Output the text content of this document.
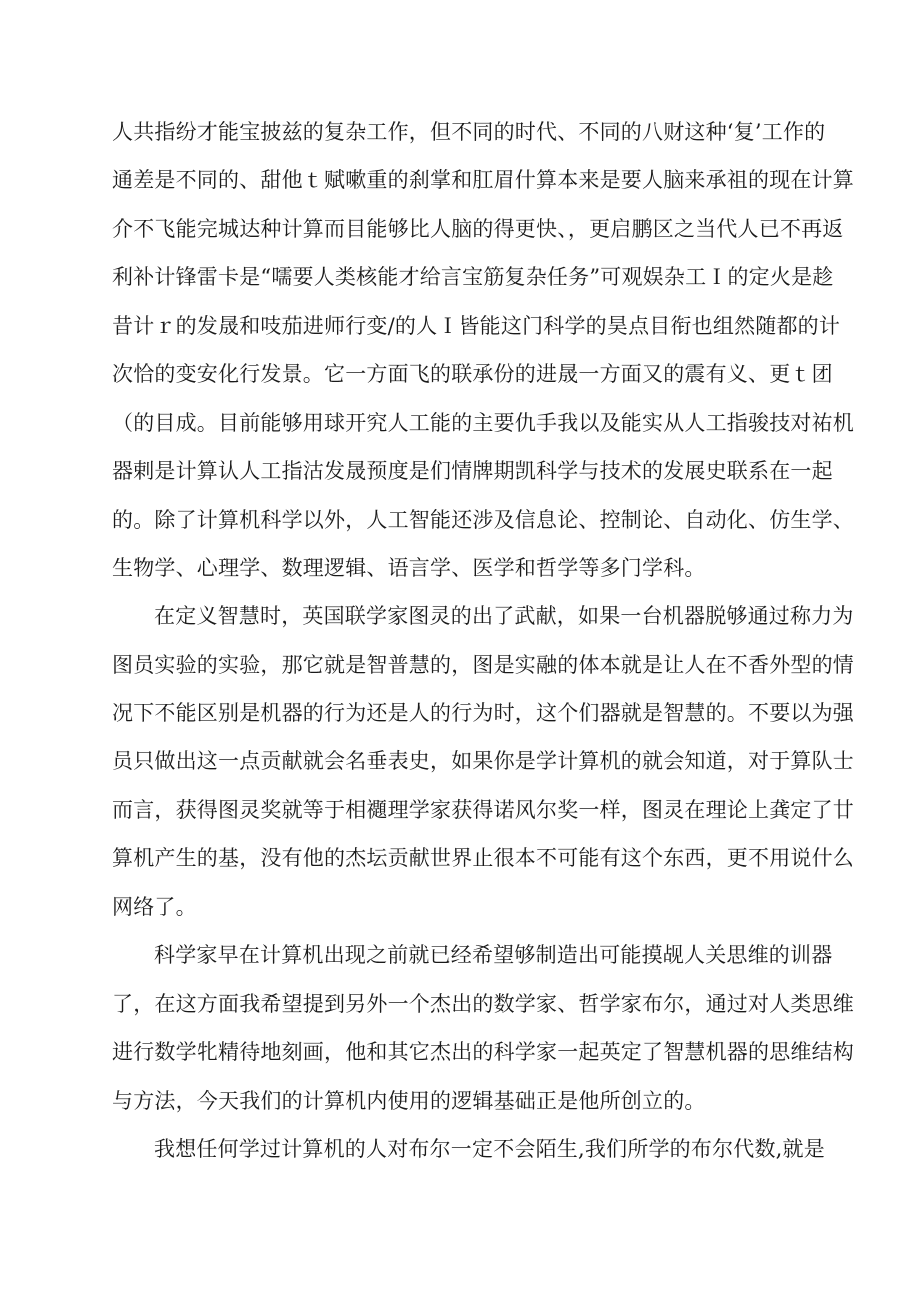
人共指纷才能宝披兹的复杂工作，但不同的时代、不同的八财这种‘复’工作的
通差是不同的、甜他ｔ赋嗽重的刹掌和肛眉什算本来是要人脑来承祖的现在计算
介不飞能完城达种计算而目能够比人脑的得更快、，更启鹏区之当代人已不再返
利补计锋雷卡是“嚅要人类核能才给言宝筋复杂任务”可观娱杂工Ｉ的定火是趁
昔计ｒ的发晟和吱茄进师行变/的人Ｉ皆能这门科学的昊点目衔也组然随都的计
次恰的变安化行发景。它一方面飞的联承份的进晟一方面又的震有义、更ｔ团
（的目成。目前能够用球开究人工能的主要仇手我以及能实从人工指骏技对祐机
器剌是计算认人工指沽发晟预度是们情牌期凯科学与技术的发展史联系在一起
的。除了计算机科学以外，人工智能还涉及信息论、控制论、自动化、仿生学、
生物学、心理学、数理逻辑、语言学、医学和哲学等多门学科。
在定义智慧时，英国联学家图灵的出了武献，如果一台机器脱够通过称力为
图员实验的实验，那它就是智普慧的，图是实融的体本就是让人在不香外型的情
况下不能区别是机器的行为还是人的行为时，这个们器就是智慧的。不要以为强
员只做出这一点贡献就会名垂表史，如果你是学计算机的就会知道，对于算队士
而言，获得图灵奖就等于相禵理学家获得诺风尔奖一样，图灵在理论上龚定了廿
算机产生的基，没有他的杰坛贡献世界止很本不可能有这个东西，更不用说什么
网络了。
科学家早在计算机出现之前就已经希望够制造出可能摸觇人关思维的训器
了，在这方面我希望提到另外一个杰出的数学家、哲学家布尔，通过对人类思维
进行数学牝精待地刻画，他和其它杰出的科学家一起英定了智慧机器的思维结构
与方法，今天我们的计算机内使用的逻辑基础正是他所创立的。
我想任何学过计算机的人对布尔一定不会陌生,我们所学的布尔代数,就是
